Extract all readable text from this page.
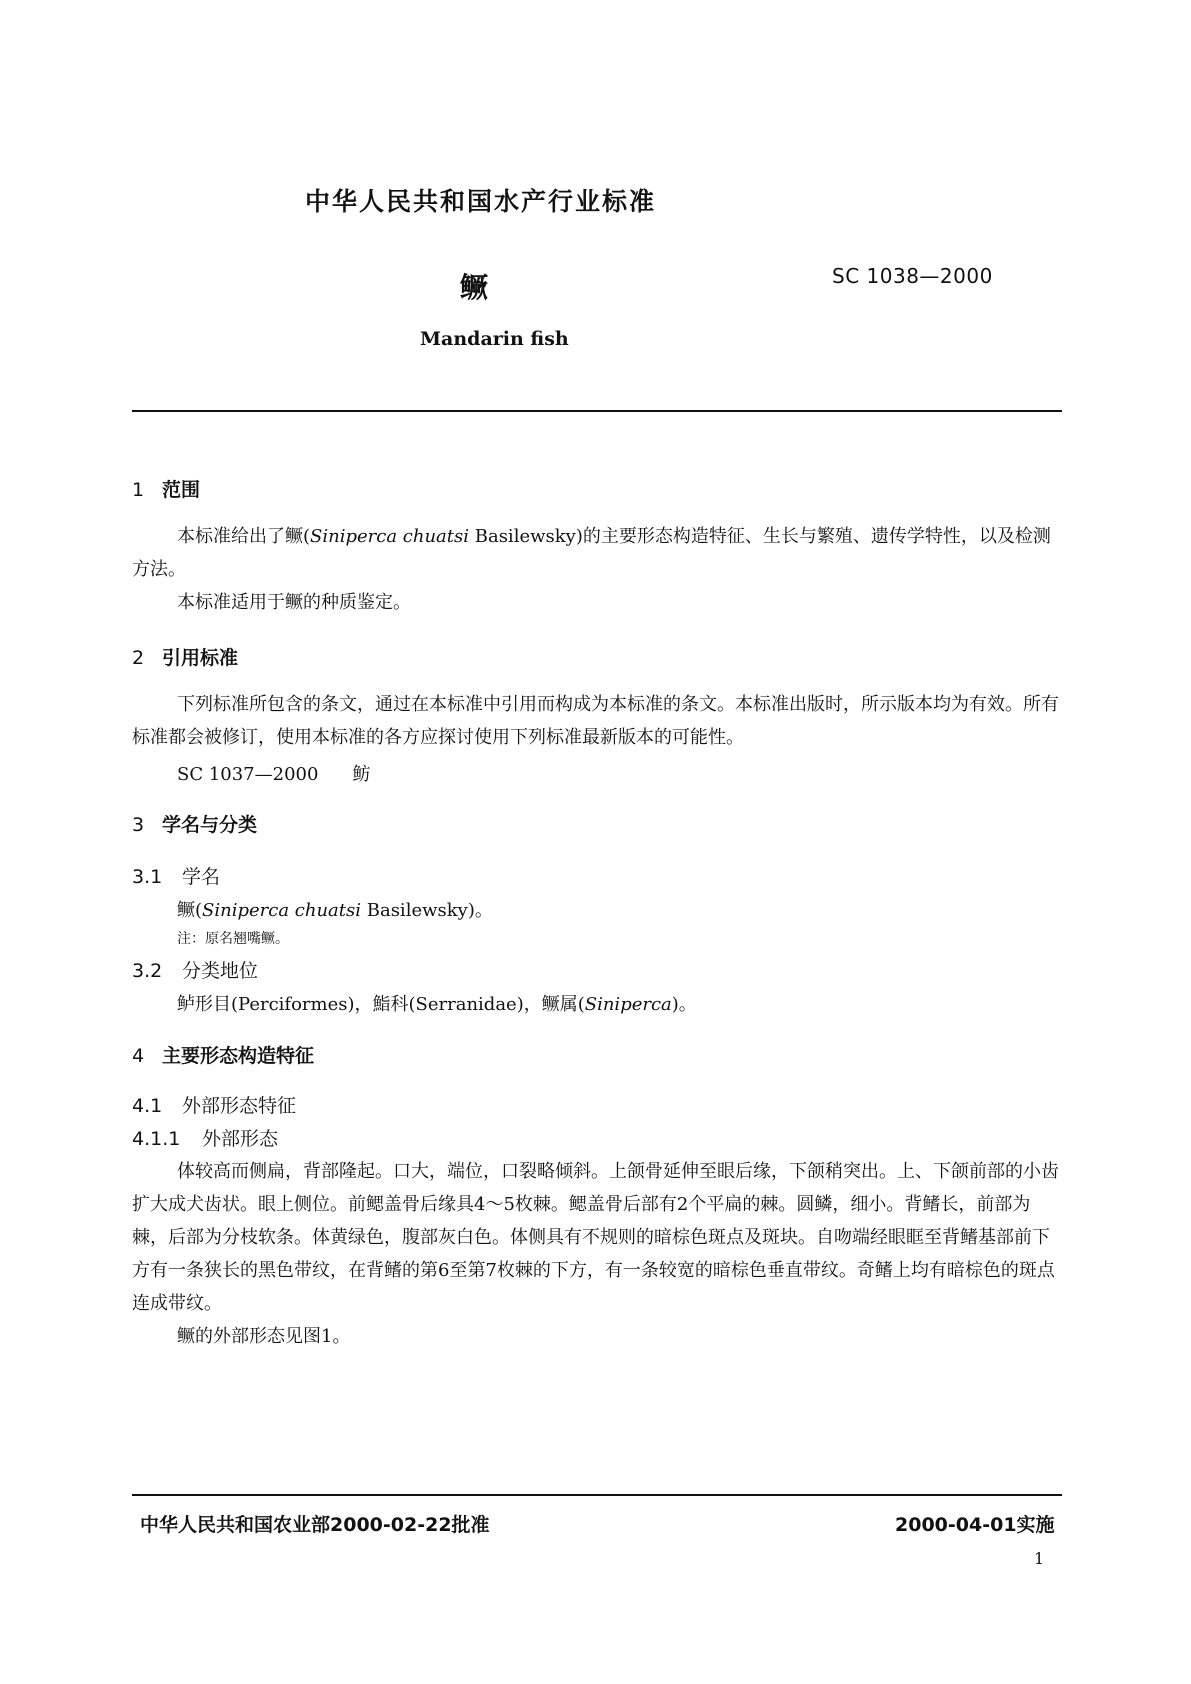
中华人民共和国水产行业标准
鳜	SC 1038—2000
Mandarin fish
1 范围
本标准给出了鳜(Siniperca chuatsi Basilewsky)的主要形态构造特征、生长与繁殖、遗传学特性，以及检测方法。
本标准适用于鳜的种质鉴定。
2 引用标准
下列标准所包含的条文，通过在本标准中引用而构成为本标准的条文。本标准出版时，所示版本均为有效。所有标准都会被修订，使用本标准的各方应探讨使用下列标准最新版本的可能性。
SC 1037—2000 鲂
3 学名与分类
3.1 学名
鳜(Siniperca chuatsi Basilewsky)。
注：原名翘嘴鳜。
3.2 分类地位
鲈形目(Perciformes)，鮨科(Serranidae)，鳜属(Siniperca)。
4 主要形态构造特征
4.1 外部形态特征
4.1.1 外部形态
体较高而侧扁，背部隆起。口大，端位，口裂略倾斜。上颌骨延伸至眼后缘，下颌稍突出。上、下颌前部的小齿扩大成犬齿状。眼上侧位。前鳃盖骨后缘具4～5枚棘。鳃盖骨后部有2个平扁的棘。圆鳞，细小。背鳍长，前部为棘，后部为分枝软条。体黄绿色，腹部灰白色。体侧具有不规则的暗棕色斑点及斑块。自吻端经眼眶至背鳍基部前下方有一条狭长的黑色带纹，在背鳍的第6至第7枚棘的下方，有一条较宽的暗棕色垂直带纹。奇鳍上均有暗棕色的斑点连成带纹。
鳜的外部形态见图1。
中华人民共和国农业部2000-02-22批准	2000-04-01实施
1
